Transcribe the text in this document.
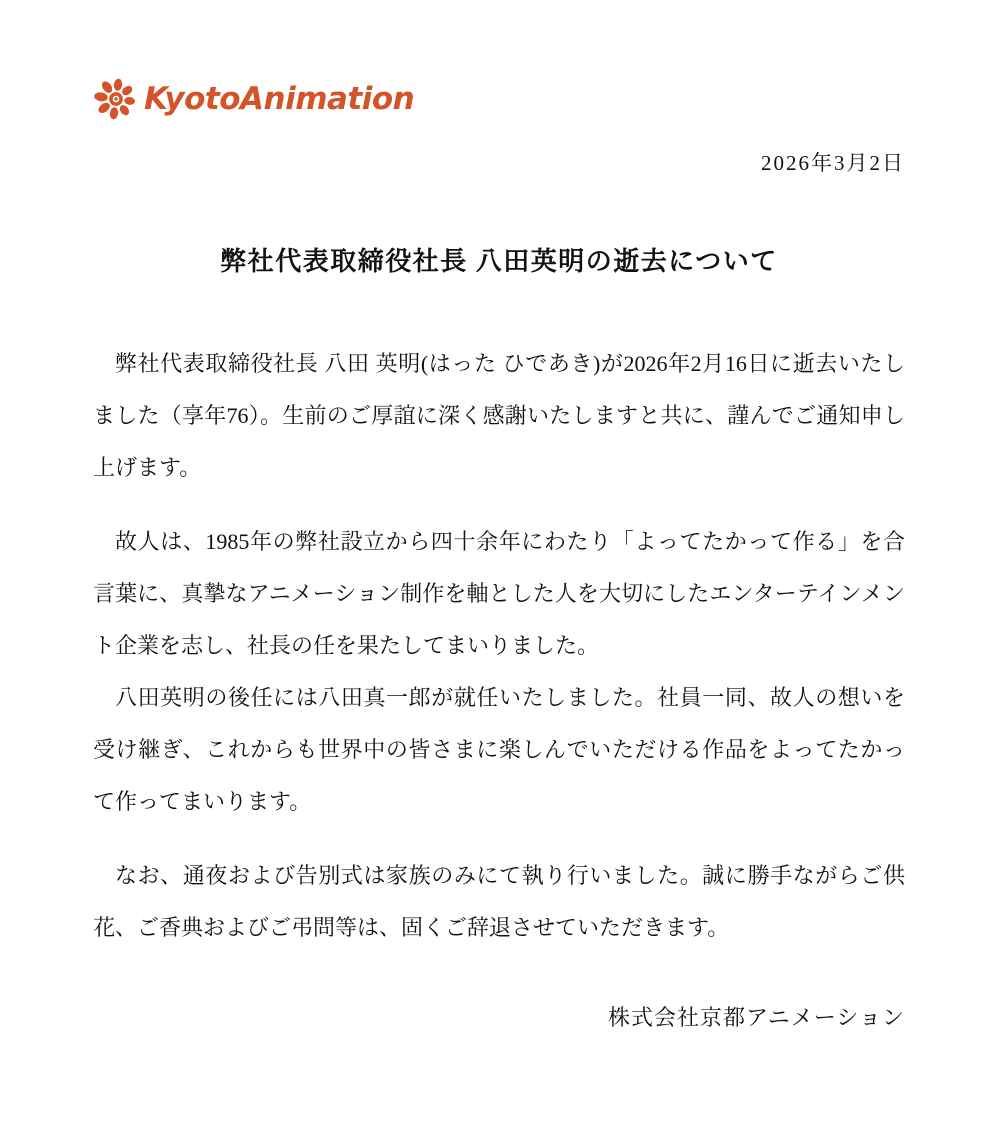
KyotoAnimation
2026年3月2日
弊社代表取締役社長 八田英明の逝去について

弊社代表取締役社長 八田 英明(はった ひであき)が2026年2月16日に逝去いたしました（享年76）。生前のご厚誼に深く感謝いたしますと共に、謹んでご通知申し上げます。

故人は、1985年の弊社設立から四十余年にわたり「よってたかって作る」を合言葉に、真摯なアニメーション制作を軸とした人を大切にしたエンターテインメント企業を志し、社長の任を果たしてまいりました。

八田英明の後任には八田真一郎が就任いたしました。社員一同、故人の想いを受け継ぎ、これからも世界中の皆さまに楽しんでいただける作品をよってたかって作ってまいります。

なお、通夜および告別式は家族のみにて執り行いました。誠に勝手ながらご供花、ご香典およびご弔問等は、固くご辞退させていただきます。

株式会社京都アニメーション
